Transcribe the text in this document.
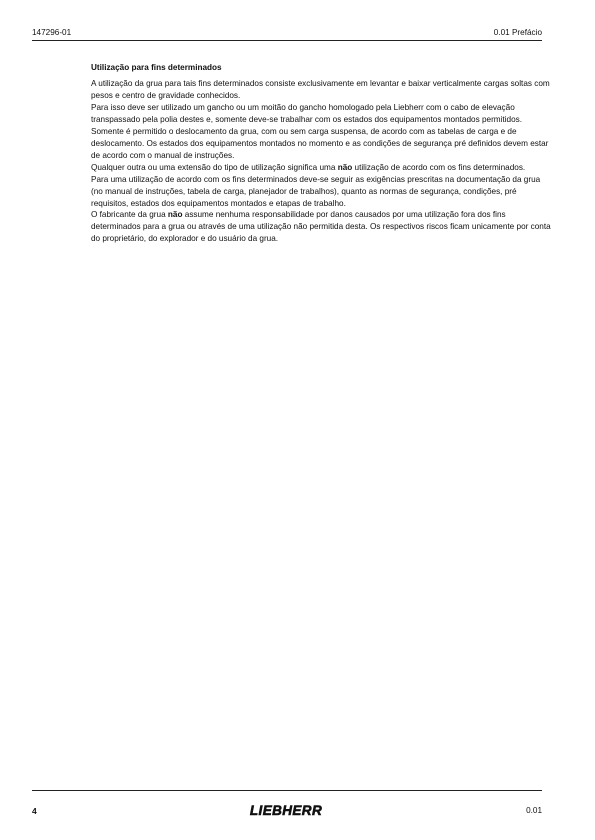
147296-01	0.01 Prefácio

Utilização para fins determinados

A utilização da grua para tais fins determinados consiste exclusivamente em levantar e baixar verticalmente cargas soltas com pesos e centro de gravidade conhecidos.

Para isso deve ser utilizado um gancho ou um moitão do gancho homologado pela Liebherr com o cabo de elevação transpassado pela polia destes e, somente deve-se trabalhar com os estados dos equipamentos montados permitidos.

Somente é permitido o deslocamento da grua, com ou sem carga suspensa, de acordo com as tabelas de carga e de deslocamento. Os estados dos equipamentos montados no momento e as condições de segurança pré definidos devem estar de acordo com o manual de instruções.

Qualquer outra ou uma extensão do tipo de utilização significa uma não utilização de acordo com os fins determinados.

Para uma utilização de acordo com os fins determinados deve-se seguir as exigências prescritas na documentação da grua (no manual de instruções, tabela de carga, planejador de trabalhos), quanto as normas de segurança, condições, pré requisitos, estados dos equipamentos montados e etapas de trabalho.

O fabricante da grua não assume nenhuma responsabilidade por danos causados por uma utilização fora dos fins determinados para a grua ou através de uma utilização não permitida desta. Os respectivos riscos ficam unicamente por conta do proprietário, do explorador e do usuário da grua.

4	LIEBHERR	0.01
